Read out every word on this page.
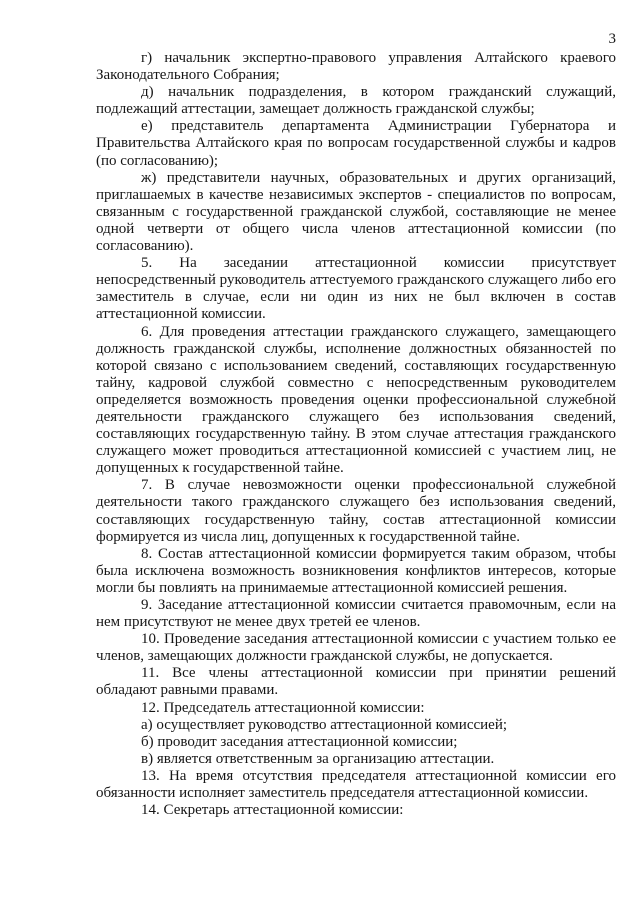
3

г) начальник экспертно-правового управления Алтайского краевого Законодательного Собрания;

д) начальник подразделения, в котором гражданский служащий, подлежащий аттестации, замещает должность гражданской службы;

е) представитель департамента Администрации Губернатора и Правительства Алтайского края по вопросам государственной службы и кадров (по согласованию);

ж) представители научных, образовательных и других организаций, приглашаемых в качестве независимых экспертов - специалистов по вопросам, связанным с государственной гражданской службой, составляющие не менее одной четверти от общего числа членов аттестационной комиссии (по согласованию).

5. На заседании аттестационной комиссии присутствует непосредственный руководитель аттестуемого гражданского служащего либо его заместитель в случае, если ни один из них не был включен в состав аттестационной комиссии.

6. Для проведения аттестации гражданского служащего, замещающего должность гражданской службы, исполнение должностных обязанностей по которой связано с использованием сведений, составляющих государственную тайну, кадровой службой совместно с непосредственным руководителем определяется возможность проведения оценки профессиональной служебной деятельности гражданского служащего без использования сведений, составляющих государственную тайну. В этом случае аттестация гражданского служащего может проводиться аттестационной комиссией с участием лиц, не допущенных к государственной тайне.

7. В случае невозможности оценки профессиональной служебной деятельности такого гражданского служащего без использования сведений, составляющих государственную тайну, состав аттестационной комиссии формируется из числа лиц, допущенных к государственной тайне.

8. Состав аттестационной комиссии формируется таким образом, чтобы была исключена возможность возникновения конфликтов интересов, которые могли бы повлиять на принимаемые аттестационной комиссией решения.

9. Заседание аттестационной комиссии считается правомочным, если на нем присутствуют не менее двух третей ее членов.

10. Проведение заседания аттестационной комиссии с участием только ее членов, замещающих должности гражданской службы, не допускается.

11. Все члены аттестационной комиссии при принятии решений обладают равными правами.

12. Председатель аттестационной комиссии:

а) осуществляет руководство аттестационной комиссией;

б) проводит заседания аттестационной комиссии;

в) является ответственным за организацию аттестации.

13. На время отсутствия председателя аттестационной комиссии его обязанности исполняет заместитель председателя аттестационной комиссии.

14. Секретарь аттестационной комиссии:
